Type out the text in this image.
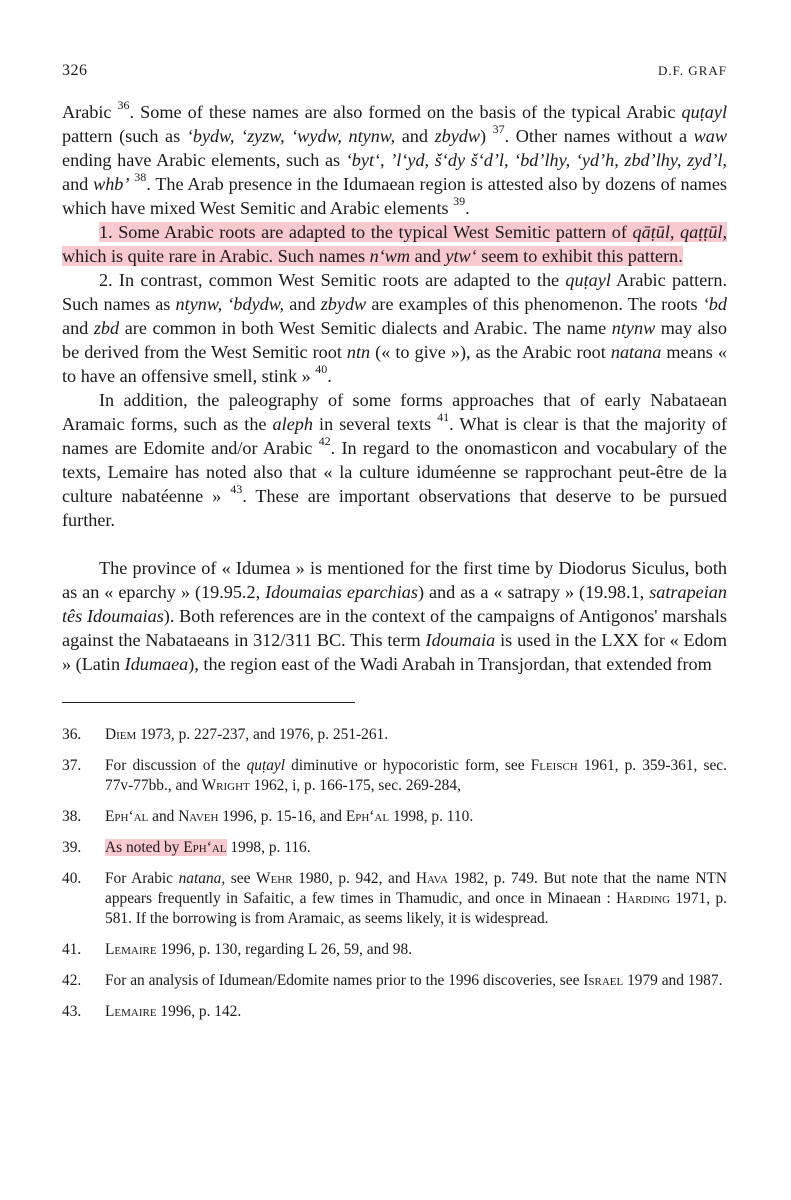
326	D.F. GRAF

Arabic $^{36}$. Some of these names are also formed on the basis of the typical Arabic quṭayl pattern (such as ‘bydw, ‘zyzw, ‘wydw, ntynw, and zbydw) $^{37}$. Other names without a waw ending have Arabic elements, such as ‘byt‘, ’l‘yd, š‘dy š‘d’l, ‘bd’lhy, ‘yd’h, zbd’lhy, zyd’l, and whb’ $^{38}$. The Arab presence in the Idumaean region is attested also by dozens of names which have mixed West Semitic and Arabic elements $^{39}$.

1. Some Arabic roots are adapted to the typical West Semitic pattern of qāṭūl, qaṭṭūl, which is quite rare in Arabic. Such names n‘wm and ytw‘ seem to exhibit this pattern.

2. In contrast, common West Semitic roots are adapted to the quṭayl Arabic pattern. Such names as ntynw, ‘bdydw, and zbydw are examples of this phenomenon. The roots ‘bd and zbd are common in both West Semitic dialects and Arabic. The name ntynw may also be derived from the West Semitic root ntn (« to give »), as the Arabic root natana means « to have an offensive smell, stink » $^{40}$.

In addition, the paleography of some forms approaches that of early Nabataean Aramaic forms, such as the aleph in several texts $^{41}$. What is clear is that the majority of names are Edomite and/or Arabic $^{42}$. In regard to the onomasticon and vocabulary of the texts, Lemaire has noted also that « la culture iduméenne se rapprochant peut-être de la culture nabatéenne » $^{43}$. These are important observations that deserve to be pursued further.

The province of « Idumea » is mentioned for the first time by Diodorus Siculus, both as an « eparchy » (19.95.2, Idoumaias eparchias) and as a « satrapy » (19.98.1, satrapeian tês Idoumaias). Both references are in the context of the campaigns of Antigonos' marshals against the Nabataeans in 312/311 BC. This term Idoumaia is used in the LXX for « Edom » (Latin Idumaea), the region east of the Wadi Arabah in Transjordan, that extended from

36.	Diem 1973, p. 227-237, and 1976, p. 251-261.
37.	For discussion of the quṭayl diminutive or hypocoristic form, see Fleisch 1961, p. 359-361, sec. 77v-77bb., and Wright 1962, i, p. 166-175, sec. 269-284,
38.	Eph‘al and Naveh 1996, p. 15-16, and Eph‘al 1998, p. 110.
39.	As noted by Eph‘al 1998, p. 116.
40.	For Arabic natana, see Wehr 1980, p. 942, and Hava 1982, p. 749. But note that the name NTN appears frequently in Safaitic, a few times in Thamudic, and once in Minaean : Harding 1971, p. 581. If the borrowing is from Aramaic, as seems likely, it is widespread.
41.	Lemaire 1996, p. 130, regarding L 26, 59, and 98.
42.	For an analysis of Idumean/Edomite names prior to the 1996 discoveries, see Israel 1979 and 1987.
43.	Lemaire 1996, p. 142.
